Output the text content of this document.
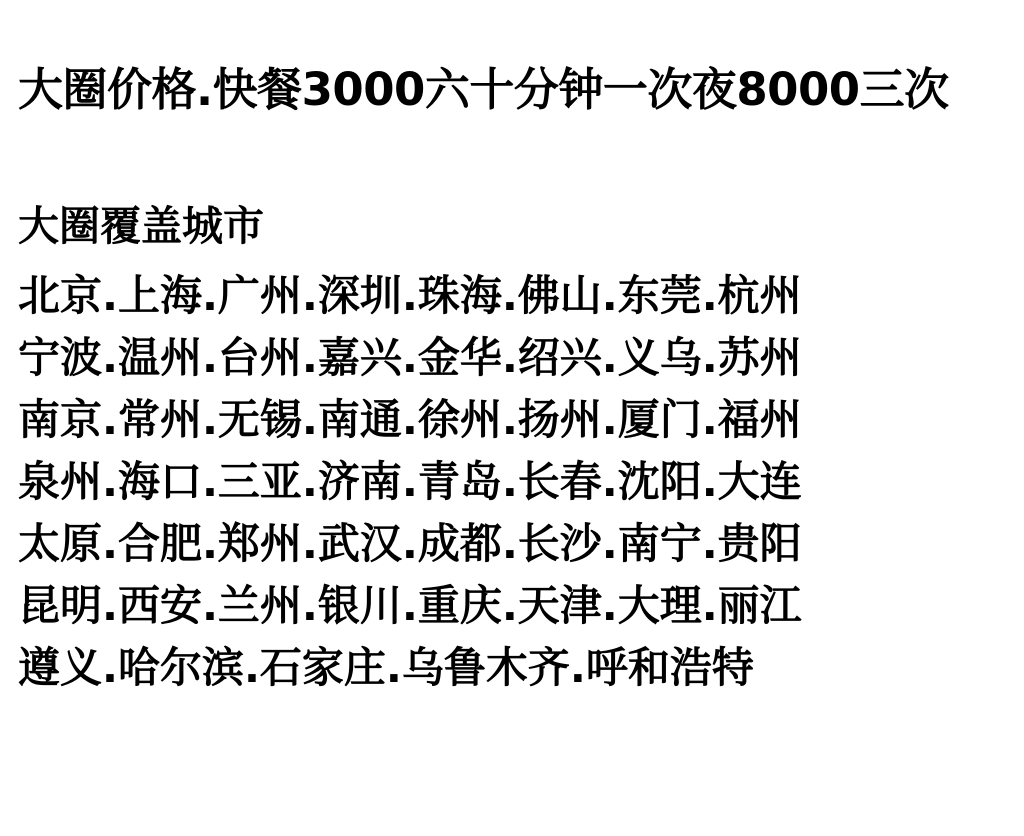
大圈价格.快餐3000六十分钟一次夜8000三次
大圈覆盖城市
北京.上海.广州.深圳.珠海.佛山.东莞.杭州
宁波.温州.台州.嘉兴.金华.绍兴.义乌.苏州
南京.常州.无锡.南通.徐州.扬州.厦门.福州
泉州.海口.三亚.济南.青岛.长春.沈阳.大连
太原.合肥.郑州.武汉.成都.长沙.南宁.贵阳
昆明.西安.兰州.银川.重庆.天津.大理.丽江
遵义.哈尔滨.石家庄.乌鲁木齐.呼和浩特
